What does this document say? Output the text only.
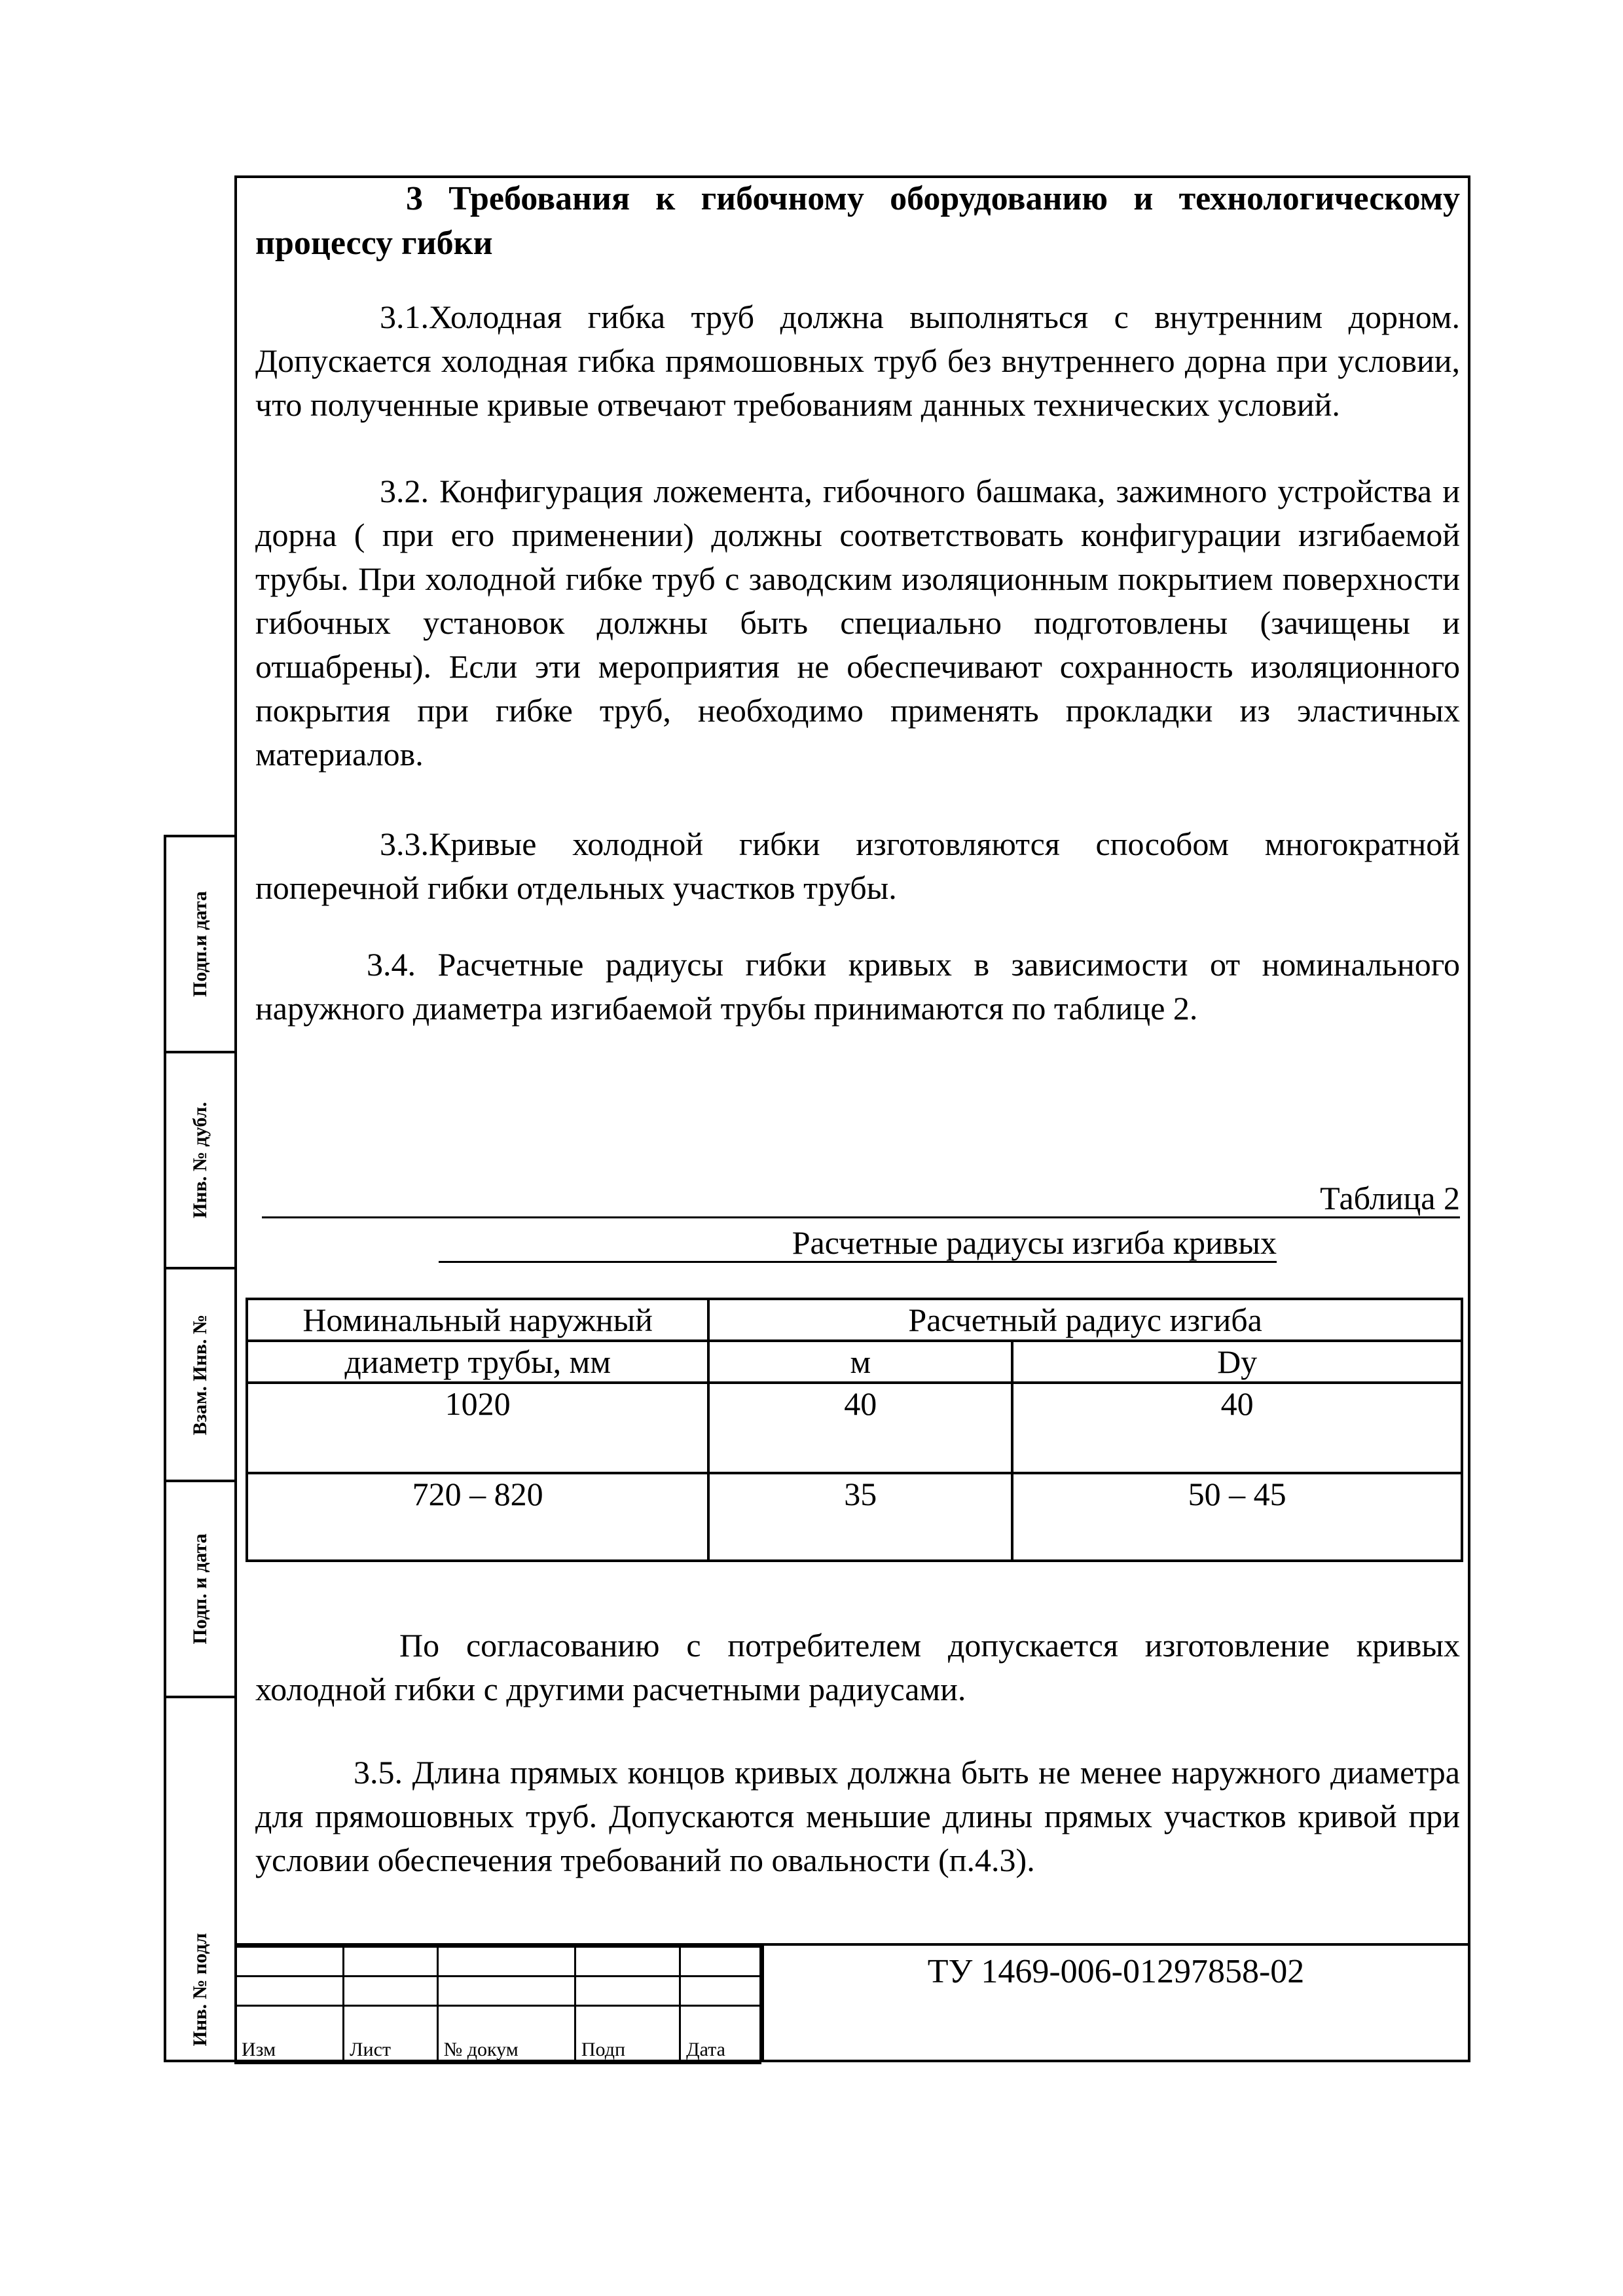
Подп.и дата
Инв. № дубл.
Взам. Инв. №
Подп. и дата
Инв. № подл

3 Требования к гибочному оборудованию и технологическому процессу гибки

3.1.Холодная гибка труб должна выполняться с внутренним дорном. Допускается холодная гибка прямошовных труб без внутреннего дорна при условии, что полученные кривые отвечают требованиям данных технических условий.

3.2. Конфигурация ложемента, гибочного башмака, зажимного устройства и дорна ( при его применении) должны соответствовать конфигурации изгибаемой трубы. При холодной гибке труб с заводским изоляционным покрытием поверхности гибочных установок должны быть специально подготовлены (зачищены и отшабрены). Если эти мероприятия не обеспечивают сохранность изоляционного покрытия при гибке труб, необходимо применять прокладки из эластичных материалов.

3.3.Кривые холодной гибки изготовляются способом многократной поперечной гибки отдельных участков трубы.

3.4. Расчетные радиусы гибки кривых в зависимости от номинального наружного диаметра изгибаемой трубы принимаются по таблице 2.

Таблица 2
Расчетные радиусы изгиба кривых
Номинальный наружный	Расчетный радиус изгиба	
диаметр трубы, мм	м	Dy
1020	40	40
720 – 820	35	50 – 45

По согласованию с потребителем допускается изготовление кривых холодной гибки с другими расчетными радиусами.

3.5. Длина прямых концов кривых должна быть не менее наружного диаметра для прямошовных труб. Допускаются меньшие длины прямых участков кривой при условии обеспечения требований по овальности (п.4.3).

Изм	Лист	№ докум	Подп	Дата
ТУ 1469-006-01297858-02
